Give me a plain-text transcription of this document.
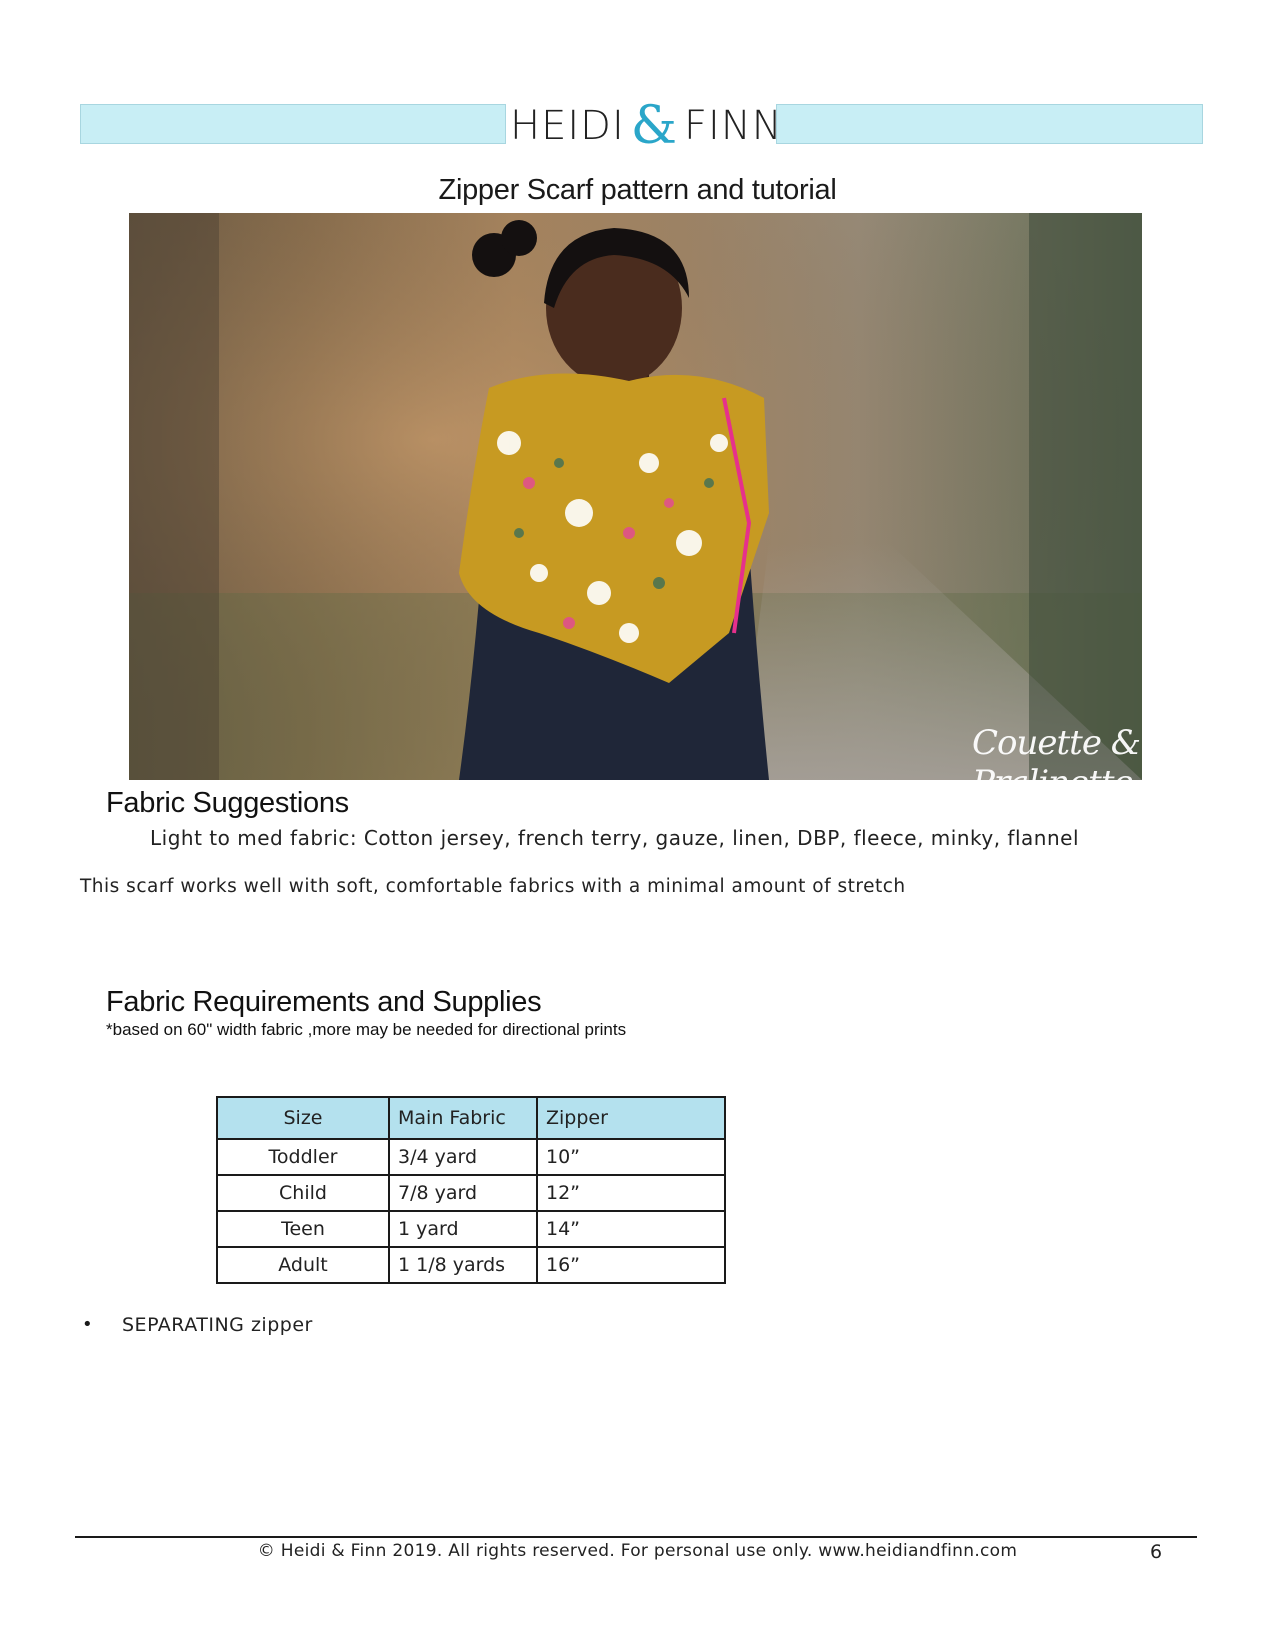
HEIDI & FINN
Zipper Scarf pattern and tutorial
Couette & Pralinette
Fabric Suggestions
Light to med fabric: Cotton jersey, french terry, gauze, linen, DBP, fleece, minky, flannel
This scarf works well with soft, comfortable fabrics with a minimal amount of stretch
Fabric Requirements and Supplies
*based on 60" width fabric ,more may be needed for directional prints
Size	Main Fabric	Zipper
Toddler	3/4 yard	10”
Child	7/8 yard	12”
Teen	1 yard	14”
Adult	1 1/8 yards	16”
• SEPARATING zipper
© Heidi & Finn 2019. All rights reserved. For personal use only. www.heidiandfinn.com	6
